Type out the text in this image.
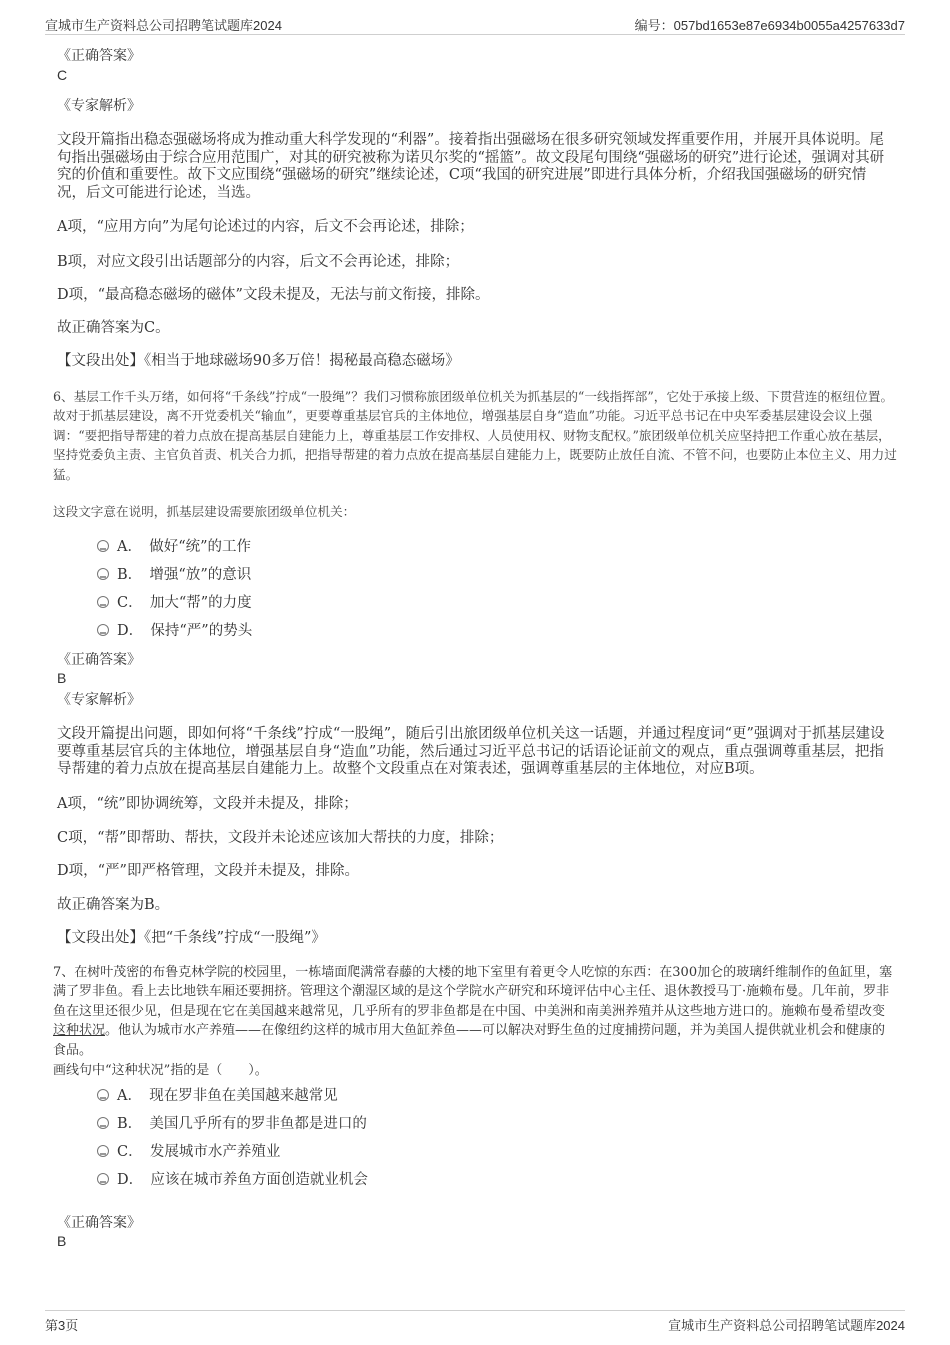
宣城市生产资料总公司招聘笔试题库2024	编号：057bd1653e87e6934b0055a4257633d7
《正确答案》
C
《专家解析》
文段开篇指出稳态强磁场将成为推动重大科学发现的“利器”。接着指出强磁场在很多研究领域发挥重要作用，并展开具体说明。尾句指出强磁场由于综合应用范围广，对其的研究被称为诺贝尔奖的“摇篮”。故文段尾句围绕“强磁场的研究”进行论述，强调对其研究的价值和重要性。故下文应围绕“强磁场的研究”继续论述，C项“我国的研究进展”即进行具体分析，介绍我国强磁场的研究情况，后文可能进行论述，当选。
A项，“应用方向”为尾句论述过的内容，后文不会再论述，排除；
B项，对应文段引出话题部分的内容，后文不会再论述，排除；
D项，“最高稳态磁场的磁体”文段未提及，无法与前文衔接，排除。
故正确答案为C。
【文段出处】《相当于地球磁场90多万倍！揭秘最高稳态磁场》
6、基层工作千头万绪，如何将“千条线”拧成“一股绳”？我们习惯称旅团级单位机关为抓基层的“一线指挥部”，它处于承接上级、下贯营连的枢纽位置。故对于抓基层建设，离不开党委机关“输血”，更要尊重基层官兵的主体地位，增强基层自身“造血”功能。习近平总书记在中央军委基层建设会议上强调：“要把指导帮建的着力点放在提高基层自建能力上，尊重基层工作安排权、人员使用权、财物支配权。”旅团级单位机关应坚持把工作重心放在基层，坚持党委负主责、主官负首责、机关合力抓，把指导帮建的着力点放在提高基层自建能力上，既要防止放任自流、不管不问，也要防止本位主义、用力过猛。
这段文字意在说明，抓基层建设需要旅团级单位机关：
A．　做好“统”的工作
B．　增强“放”的意识
C．　加大“帮”的力度
D．　保持“严”的势头
《正确答案》
B
《专家解析》
文段开篇提出问题，即如何将“千条线”拧成“一股绳”，随后引出旅团级单位机关这一话题，并通过程度词“更”强调对于抓基层建设要尊重基层官兵的主体地位，增强基层自身“造血”功能，然后通过习近平总书记的话语论证前文的观点，重点强调尊重基层，把指导帮建的着力点放在提高基层自建能力上。故整个文段重点在对策表述，强调尊重基层的主体地位，对应B项。
A项，“统”即协调统筹，文段并未提及，排除；
C项，“帮”即帮助、帮扶，文段并未论述应该加大帮扶的力度，排除；
D项，“严”即严格管理，文段并未提及，排除。
故正确答案为B。
【文段出处】《把“千条线”拧成“一股绳”》
7、在树叶茂密的布鲁克林学院的校园里，一栋墙面爬满常春藤的大楼的地下室里有着更令人吃惊的东西：在300加仑的玻璃纤维制作的鱼缸里，塞满了罗非鱼。看上去比地铁车厢还要拥挤。管理这个潮湿区域的是这个学院水产研究和环境评估中心主任、退休教授马丁·施赖布曼。几年前，罗非鱼在这里还很少见，但是现在它在美国越来越常见，几乎所有的罗非鱼都是在中国、中美洲和南美洲养殖并从这些地方进口的。施赖布曼希望改变这种状况。他认为城市水产养殖——在像纽约这样的城市用大鱼缸养鱼——可以解决对野生鱼的过度捕捞问题，并为美国人提供就业机会和健康的食品。
画线句中“这种状况”指的是（　　）。
A．　现在罗非鱼在美国越来越常见
B．　美国几乎所有的罗非鱼都是进口的
C．　发展城市水产养殖业
D．　应该在城市养鱼方面创造就业机会
《正确答案》
B
第3页	宣城市生产资料总公司招聘笔试题库2024
